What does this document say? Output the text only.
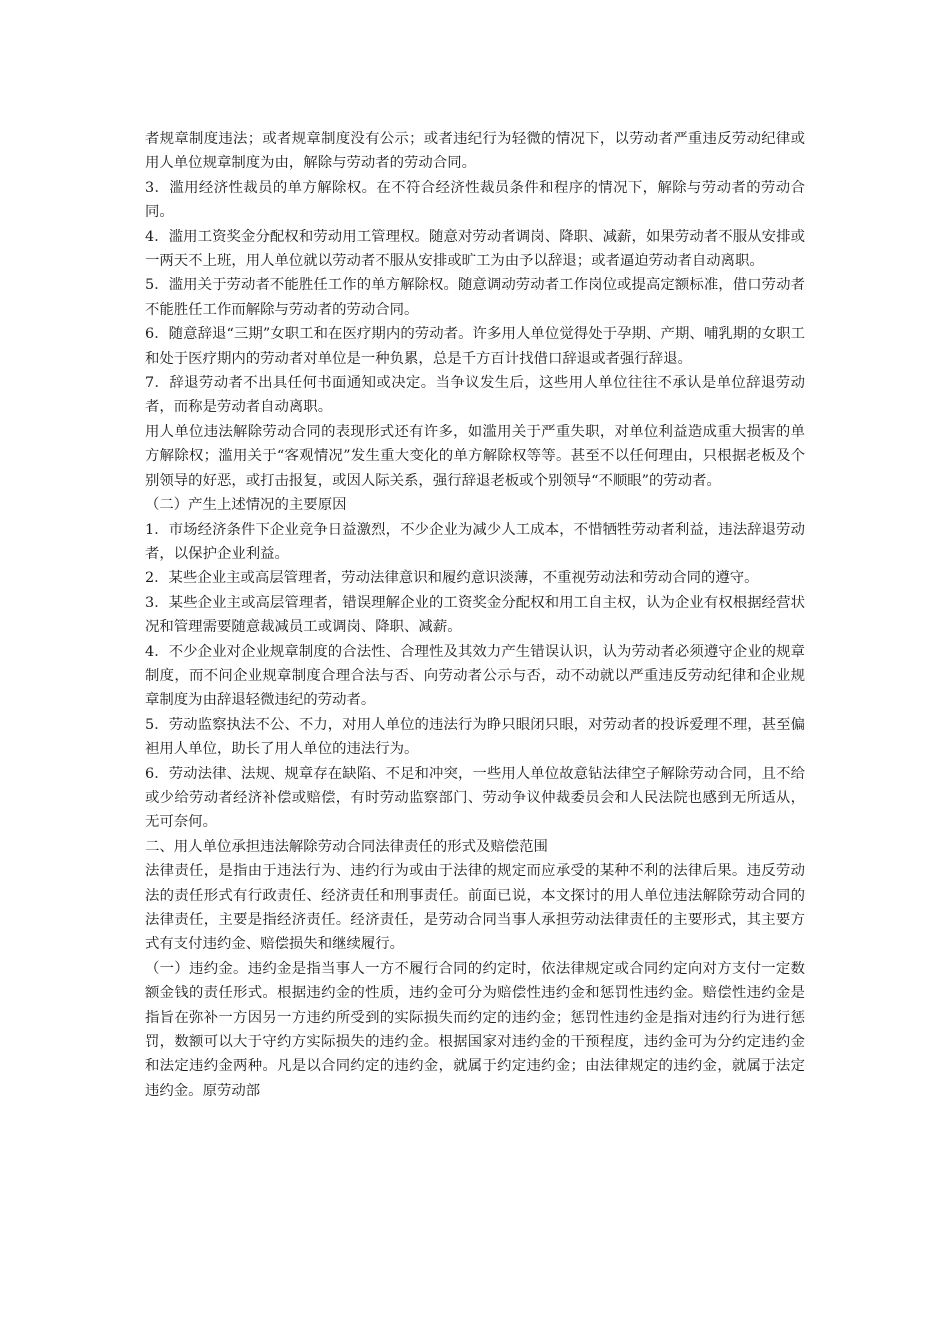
者规章制度违法；或者规章制度没有公示；或者违纪行为轻微的情况下，以劳动者严重违反劳动纪律或用人单位规章制度为由，解除与劳动者的劳动合同。

3．滥用经济性裁员的单方解除权。在不符合经济性裁员条件和程序的情况下，解除与劳动者的劳动合同。

4．滥用工资奖金分配权和劳动用工管理权。随意对劳动者调岗、降职、减薪，如果劳动者不服从安排或一两天不上班，用人单位就以劳动者不服从安排或旷工为由予以辞退；或者逼迫劳动者自动离职。

5．滥用关于劳动者不能胜任工作的单方解除权。随意调动劳动者工作岗位或提高定额标准，借口劳动者不能胜任工作而解除与劳动者的劳动合同。

6．随意辞退“三期”女职工和在医疗期内的劳动者。许多用人单位觉得处于孕期、产期、哺乳期的女职工和处于医疗期内的劳动者对单位是一种负累，总是千方百计找借口辞退或者强行辞退。

7．辞退劳动者不出具任何书面通知或决定。当争议发生后，这些用人单位往往不承认是单位辞退劳动者，而称是劳动者自动离职。

用人单位违法解除劳动合同的表现形式还有许多，如滥用关于严重失职，对单位利益造成重大损害的单方解除权；滥用关于“客观情况”发生重大变化的单方解除权等等。甚至不以任何理由，只根据老板及个别领导的好恶，或打击报复，或因人际关系，强行辞退老板或个别领导“不顺眼”的劳动者。

（二）产生上述情况的主要原因

1．市场经济条件下企业竞争日益激烈，不少企业为减少人工成本，不惜牺牲劳动者利益，违法辞退劳动者，以保护企业利益。

2．某些企业主或高层管理者，劳动法律意识和履约意识淡薄，不重视劳动法和劳动合同的遵守。

3．某些企业主或高层管理者，错误理解企业的工资奖金分配权和用工自主权，认为企业有权根据经营状况和管理需要随意裁减员工或调岗、降职、减薪。

4．不少企业对企业规章制度的合法性、合理性及其效力产生错误认识，认为劳动者必须遵守企业的规章制度，而不问企业规章制度合理合法与否、向劳动者公示与否，动不动就以严重违反劳动纪律和企业规章制度为由辞退轻微违纪的劳动者。

5．劳动监察执法不公、不力，对用人单位的违法行为睁只眼闭只眼，对劳动者的投诉爱理不理，甚至偏袒用人单位，助长了用人单位的违法行为。

6．劳动法律、法规、规章存在缺陷、不足和冲突，一些用人单位故意钻法律空子解除劳动合同，且不给或少给劳动者经济补偿或赔偿，有时劳动监察部门、劳动争议仲裁委员会和人民法院也感到无所适从，无可奈何。

二、用人单位承担违法解除劳动合同法律责任的形式及赔偿范围

法律责任，是指由于违法行为、违约行为或由于法律的规定而应承受的某种不利的法律后果。违反劳动法的责任形式有行政责任、经济责任和刑事责任。前面已说，本文探讨的用人单位违法解除劳动合同的法律责任，主要是指经济责任。经济责任，是劳动合同当事人承担劳动法律责任的主要形式，其主要方式有支付违约金、赔偿损失和继续履行。

（一）违约金。违约金是指当事人一方不履行合同的约定时，依法律规定或合同约定向对方支付一定数额金钱的责任形式。根据违约金的性质，违约金可分为赔偿性违约金和惩罚性违约金。赔偿性违约金是指旨在弥补一方因另一方违约所受到的实际损失而约定的违约金；惩罚性违约金是指对违约行为进行惩罚，数额可以大于守约方实际损失的违约金。根据国家对违约金的干预程度，违约金可为分约定违约金和法定违约金两种。凡是以合同约定的违约金，就属于约定违约金；由法律规定的违约金，就属于法定违约金。原劳动部
